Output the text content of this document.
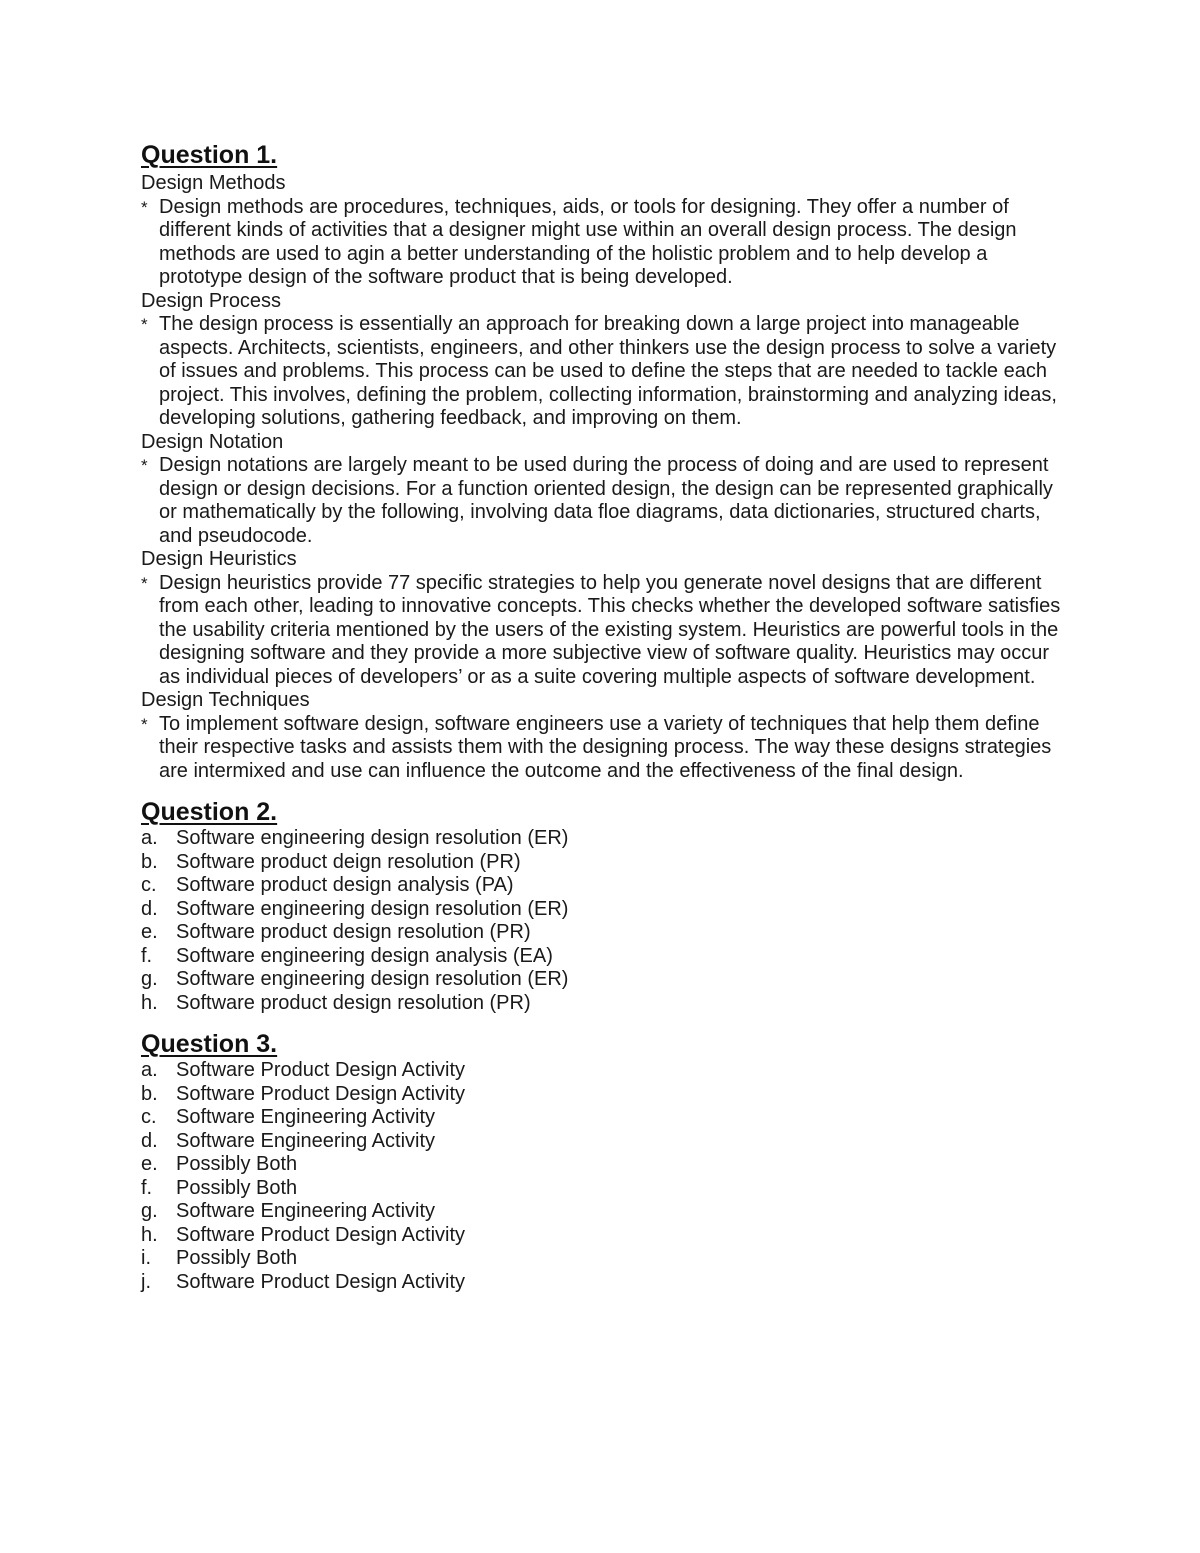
Question 1.

Design Methods

* Design methods are procedures, techniques, aids, or tools for designing. They offer a number of different kinds of activities that a designer might use within an overall design process. The design methods are used to agin a better understanding of the holistic problem and to help develop a prototype design of the software product that is being developed.

Design Process

* The design process is essentially an approach for breaking down a large project into manageable aspects. Architects, scientists, engineers, and other thinkers use the design process to solve a variety of issues and problems. This process can be used to define the steps that are needed to tackle each project. This involves, defining the problem, collecting information, brainstorming and analyzing ideas, developing solutions, gathering feedback, and improving on them.

Design Notation

* Design notations are largely meant to be used during the process of doing and are used to represent design or design decisions. For a function oriented design, the design can be represented graphically or mathematically by the following, involving data floe diagrams, data dictionaries, structured charts, and pseudocode.

Design Heuristics

* Design heuristics provide 77 specific strategies to help you generate novel designs that are different from each other, leading to innovative concepts. This checks whether the developed software satisfies the usability criteria mentioned by the users of the existing system. Heuristics are powerful tools in the designing software and they provide a more subjective view of software quality. Heuristics may occur as individual pieces of developers’ or as a suite covering multiple aspects of software development.

Design Techniques

* To implement software design, software engineers use a variety of techniques that help them define their respective tasks and assists them with the designing process. The way these designs strategies are intermixed and use can influence the outcome and the effectiveness of the final design.
Question 2.
a. Software engineering design resolution (ER)
b. Software product deign resolution (PR)
c. Software product design analysis (PA)
d. Software engineering design resolution (ER)
e. Software product design resolution (PR)
f.	Software engineering design analysis (EA)
g. Software engineering design resolution (ER)
h. Software product design resolution (PR)
Question 3.
a. Software Product Design Activity
b. Software Product Design Activity
c. Software Engineering Activity
d. Software Engineering Activity
e. Possibly Both
f.	Possibly Both
g. Software Engineering Activity
h. Software Product Design Activity
i.	Possibly Both
j.	Software Product Design Activity
